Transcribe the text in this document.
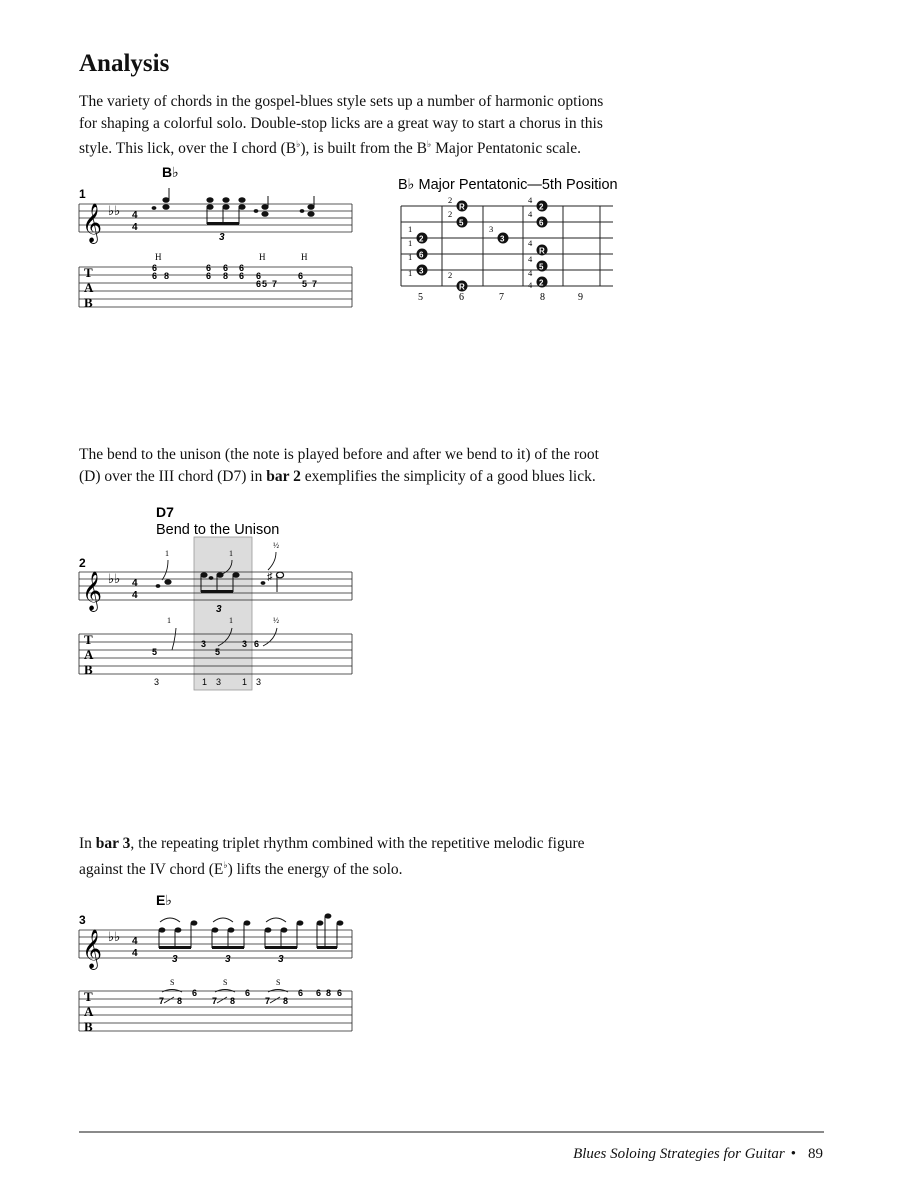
Analysis
The variety of chords in the gospel-blues style sets up a number of harmonic options
for shaping a colorful solo. Double-stop licks are a great way to start a chorus in this
style. This lick, over the I chord (B♭), is built from the B♭ Major Pentatonic scale.
B♭
1
𝄞 ♭♭ 4
4
3
H	H	H
T
A
B
6
6 8
6
6
6
8
6
6 6
6 5 7
6
5 7
B♭ Major Pentatonic—5th Position
5	6	7	8	9
2
2
1	3
1
1
1	2
4
4
4
4
4
4
R
5
2
6
3
3
R
2
6
R
5
2
The bend to the unison (the note is played before and after we bend to it) of the root
(D) over the III chord (D7) in bar 2 exemplifies the simplicity of a good blues lick.
D7
Bend to the Unison
2
𝄞 ♭♭ 4
4
1	1
½
♯
3
1	1	½
T
A
B
5
3
5
3 6
3	1 3 1 3
In bar 3, the repeating triplet rhythm combined with the repetitive melodic figure
against the IV chord (E♭) lifts the energy of the solo.
E♭
3
𝄞 ♭♭ 4
4
3	3	3
S	S	S
T
A
B
7 8
6
7 8
6
7 8
6 6 8 6
Blues Soloing Strategies for Guitar • 89
